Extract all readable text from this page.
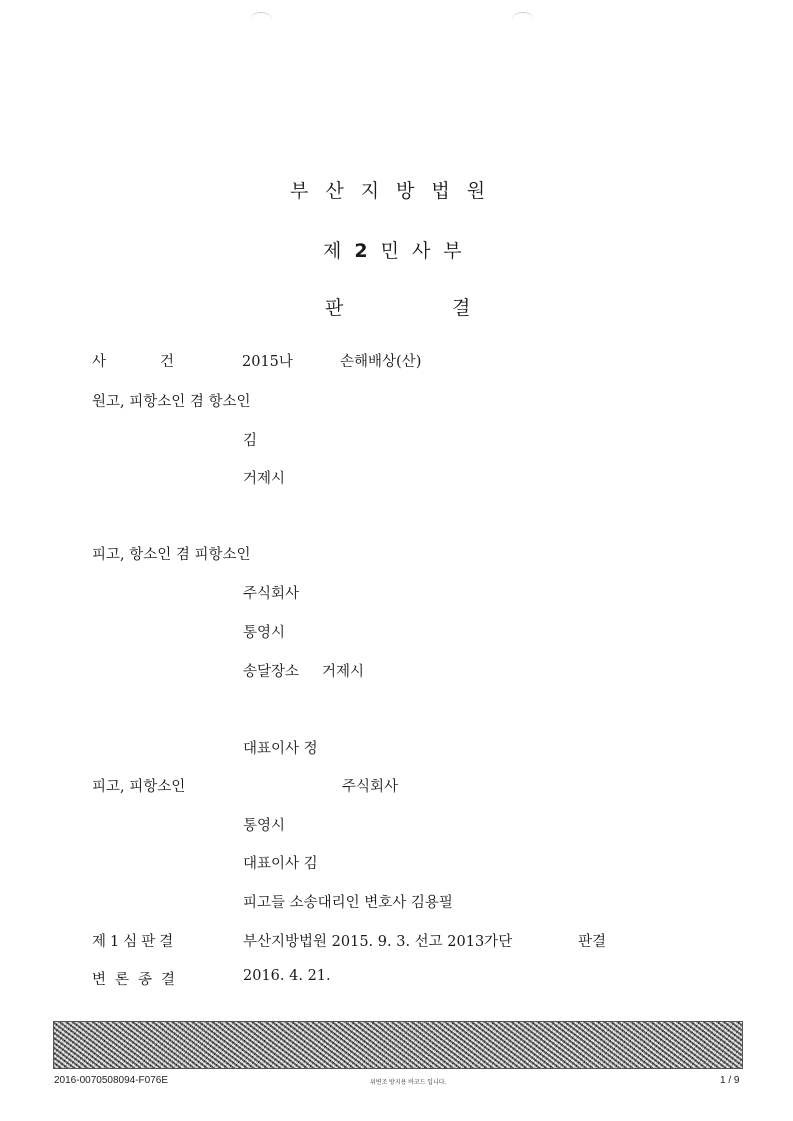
부산지방법원
제2민사부
판	결
사	건	2015나	손해배상(산)
원고, 피항소인 겸 항소인
김
거제시
피고, 항소인 겸 피항소인
주식회사
통영시
송달장소 거제시
대표이사 정
피고, 피항소인	주식회사
통영시
대표이사 김
피고들 소송대리인 변호사 김용필
제1심판결	부산지방법원 2015. 9. 3. 선고 2013가단	판결
변론종결	2016. 4. 21.
2016-0070508094-F076E	위변조 방지용 바코드 입니다.	1 / 9
